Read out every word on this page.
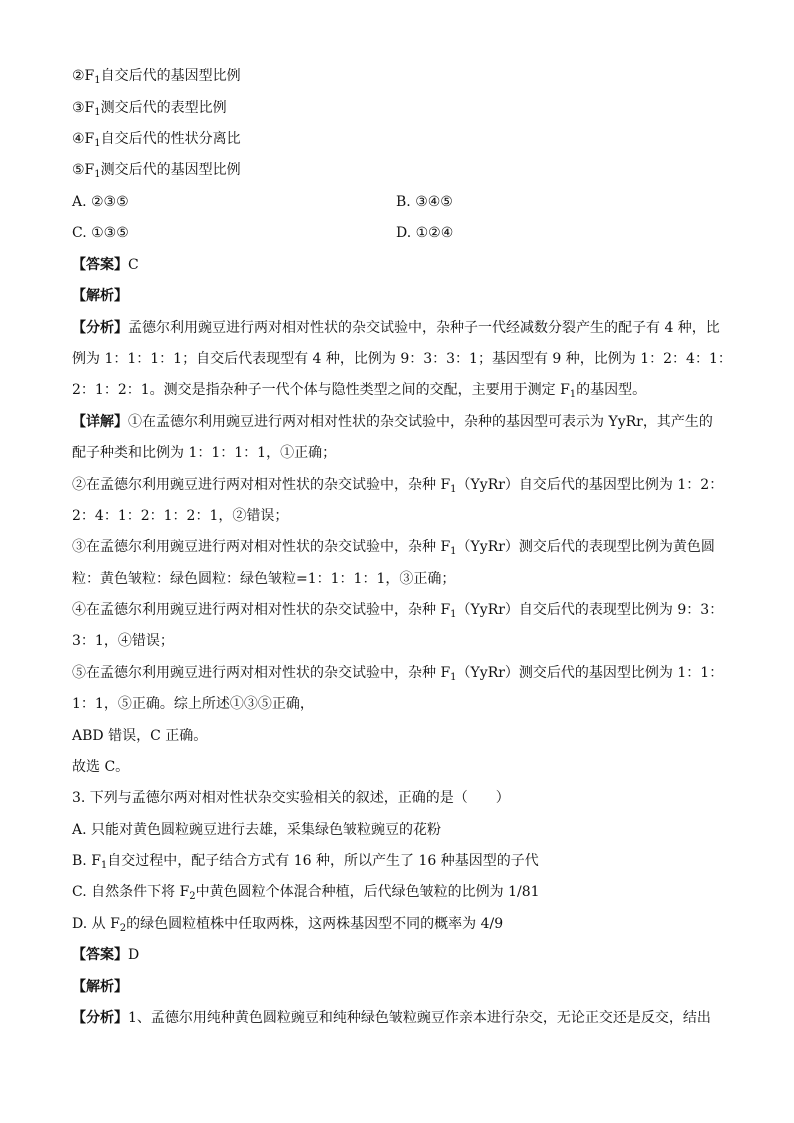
$②F_1$自交后代的基因型比例
$③F_1$测交后代的表型比例
$④F_1$自交后代的性状分离比
$⑤F_1$测交后代的基因型比例
A. ②③⑤	B. ③④⑤
C. ①③⑤	D. ①②④
【答案】C
【解析】
【分析】孟德尔利用豌豆进行两对相对性状的杂交试验中，杂种子一代经减数分裂产生的配子有 4 种，比
例为 1：1：1：1；自交后代表现型有 4 种，比例为 9：3：3：1；基因型有 9 种，比例为 1：2：4：1：
2：1：2：1。测交是指杂种子一代个体与隐性类型之间的交配，主要用于测定 $F_1$的基因型。
【详解】①在孟德尔利用豌豆进行两对相对性状的杂交试验中，杂种的基因型可表示为 YyRr，其产生的
配子种类和比例为 1：1：1：1，①正确；
②在孟德尔利用豌豆进行两对相对性状的杂交试验中，杂种 $F_1(YyRr)$自交后代的基因型比例为 1：2：
2：4：1：2：1：2：1，②错误；
③在孟德尔利用豌豆进行两对相对性状的杂交试验中，杂种 $F_1(YyRr)$测交后代的表现型比例为黄色圆
粒：黄色皱粒：绿色圆粒：绿色皱粒=1：1：1：1，③正确；
④在孟德尔利用豌豆进行两对相对性状的杂交试验中，杂种 $F_1(YyRr)$自交后代的表现型比例为 9：3：
3：1，④错误；
⑤在孟德尔利用豌豆进行两对相对性状的杂交试验中，杂种 $F_1(YyRr)$测交后代的基因型比例为 1：1：
1：1，⑤正确。综上所述①③⑤正确，
ABD 错误，C 正确。
故选 C。
3. 下列与孟德尔两对相对性状杂交实验相关的叙述，正确的是（　　）
A. 只能对黄色圆粒豌豆进行去雄，采集绿色皱粒豌豆的花粉
B. $F_1$自交过程中，配子结合方式有 16 种，所以产生了 16 种基因型的子代
C. 自然条件下将 $F_2$中黄色圆粒个体混合种植，后代绿色皱粒的比例为 1/81
D. 从 $F_2$的绿色圆粒植株中任取两株，这两株基因型不同的概率为 4/9
【答案】D
【解析】
【分析】1、孟德尔用纯种黄色圆粒豌豆和纯种绿色皱粒豌豆作亲本进行杂交，无论正交还是反交，结出
